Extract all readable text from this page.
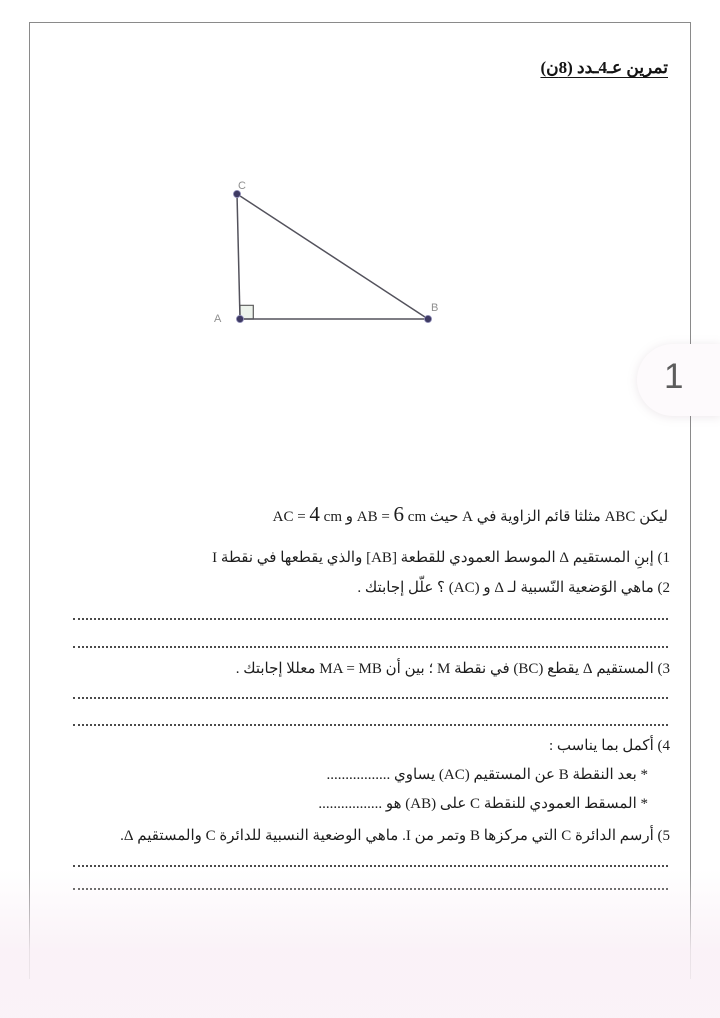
تمرين عـ4ـدد (8ن)
A
B
C

ليكن ABC مثلثا قائم الزاوية في A حيث AB = 6 cm و AC = 4 cm

1) إبنِ المستقيم Δ الموسط العمودي للقطعة [AB] والذي يقطعها في نقطة I

2) ماهي الوَضعية النّسبية لـ Δ و (AC) ؟ علّل إجابتك .

3) المستقيم Δ يقطع (BC) في نقطة M ؛ بين أن MA = MB معللا إجابتك .

4) أكمل بما يناسب :

* بعد النقطة B عن المستقيم (AC) يساوي .................

* المسقط العمودي للنقطة C على (AB) هو .................

5) أرسم الدائرة C التي مركزها B وتمر من I. ماهي الوضعية النسبية للدائرة C والمستقيم Δ.

1
